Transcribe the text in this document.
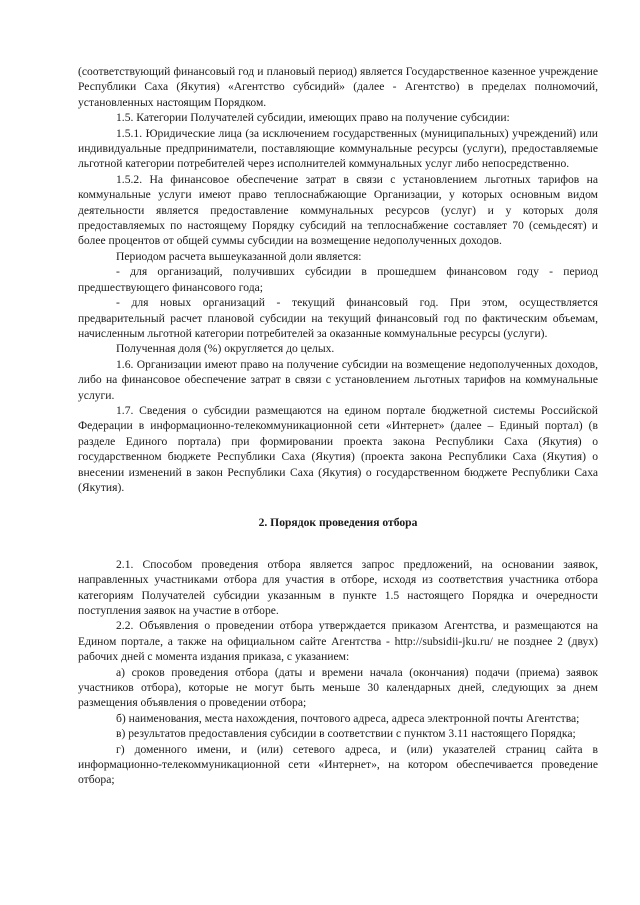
(соответствующий финансовый год и плановый период) является Государственное казенное учреждение Республики Саха (Якутия) «Агентство субсидий» (далее - Агентство) в пределах полномочий, установленных настоящим Порядком.

1.5. Категории Получателей субсидии, имеющих право на получение субсидии:

1.5.1. Юридические лица (за исключением государственных (муниципальных) учреждений) или индивидуальные предприниматели, поставляющие коммунальные ресурсы (услуги), предоставляемые льготной категории потребителей через исполнителей коммунальных услуг либо непосредственно.

1.5.2. На финансовое обеспечение затрат в связи с установлением льготных тарифов на коммунальные услуги имеют право теплоснабжающие Организации, у которых основным видом деятельности является предоставление коммунальных ресурсов (услуг) и у которых доля предоставляемых по настоящему Порядку субсидий на теплоснабжение составляет 70 (семьдесят) и более процентов от общей суммы субсидии на возмещение недополученных доходов.

Периодом расчета вышеуказанной доли является:

- для организаций, получивших субсидии в прошедшем финансовом году - период предшествующего финансового года;

- для новых организаций - текущий финансовый год. При этом, осуществляется предварительный расчет плановой субсидии на текущий финансовый год по фактическим объемам, начисленным льготной категории потребителей за оказанные коммунальные ресурсы (услуги).

Полученная доля (%) округляется до целых.

1.6. Организации имеют право на получение субсидии на возмещение недополученных доходов, либо на финансовое обеспечение затрат в связи с установлением льготных тарифов на коммунальные услуги.

1.7. Сведения о субсидии размещаются на едином портале бюджетной системы Российской Федерации в информационно-телекоммуникационной сети «Интернет» (далее – Единый портал) (в разделе Единого портала) при формировании проекта закона Республики Саха (Якутия) о государственном бюджете Республики Саха (Якутия) (проекта закона Республики Саха (Якутия) о внесении изменений в закон Республики Саха (Якутия) о государственном бюджете Республики Саха (Якутия).

2. Порядок проведения отбора

2.1. Способом проведения отбора является запрос предложений, на основании заявок, направленных участниками отбора для участия в отборе, исходя из соответствия участника отбора категориям Получателей субсидии указанным в пункте 1.5 настоящего Порядка и очередности поступления заявок на участие в отборе.

2.2. Объявления о проведении отбора утверждается приказом Агентства, и размещаются на Едином портале, а также на официальном сайте Агентства - http://subsidii-jku.ru/ не позднее 2 (двух) рабочих дней с момента издания приказа, с указанием:

а) сроков проведения отбора (даты и времени начала (окончания) подачи (приема) заявок участников отбора), которые не могут быть меньше 30 календарных дней, следующих за днем размещения объявления о проведении отбора;

б) наименования, места нахождения, почтового адреса, адреса электронной почты Агентства;

в) результатов предоставления субсидии в соответствии с пунктом 3.11 настоящего Порядка;

г) доменного имени, и (или) сетевого адреса, и (или) указателей страниц сайта в информационно-телекоммуникационной сети «Интернет», на котором обеспечивается проведение отбора;
